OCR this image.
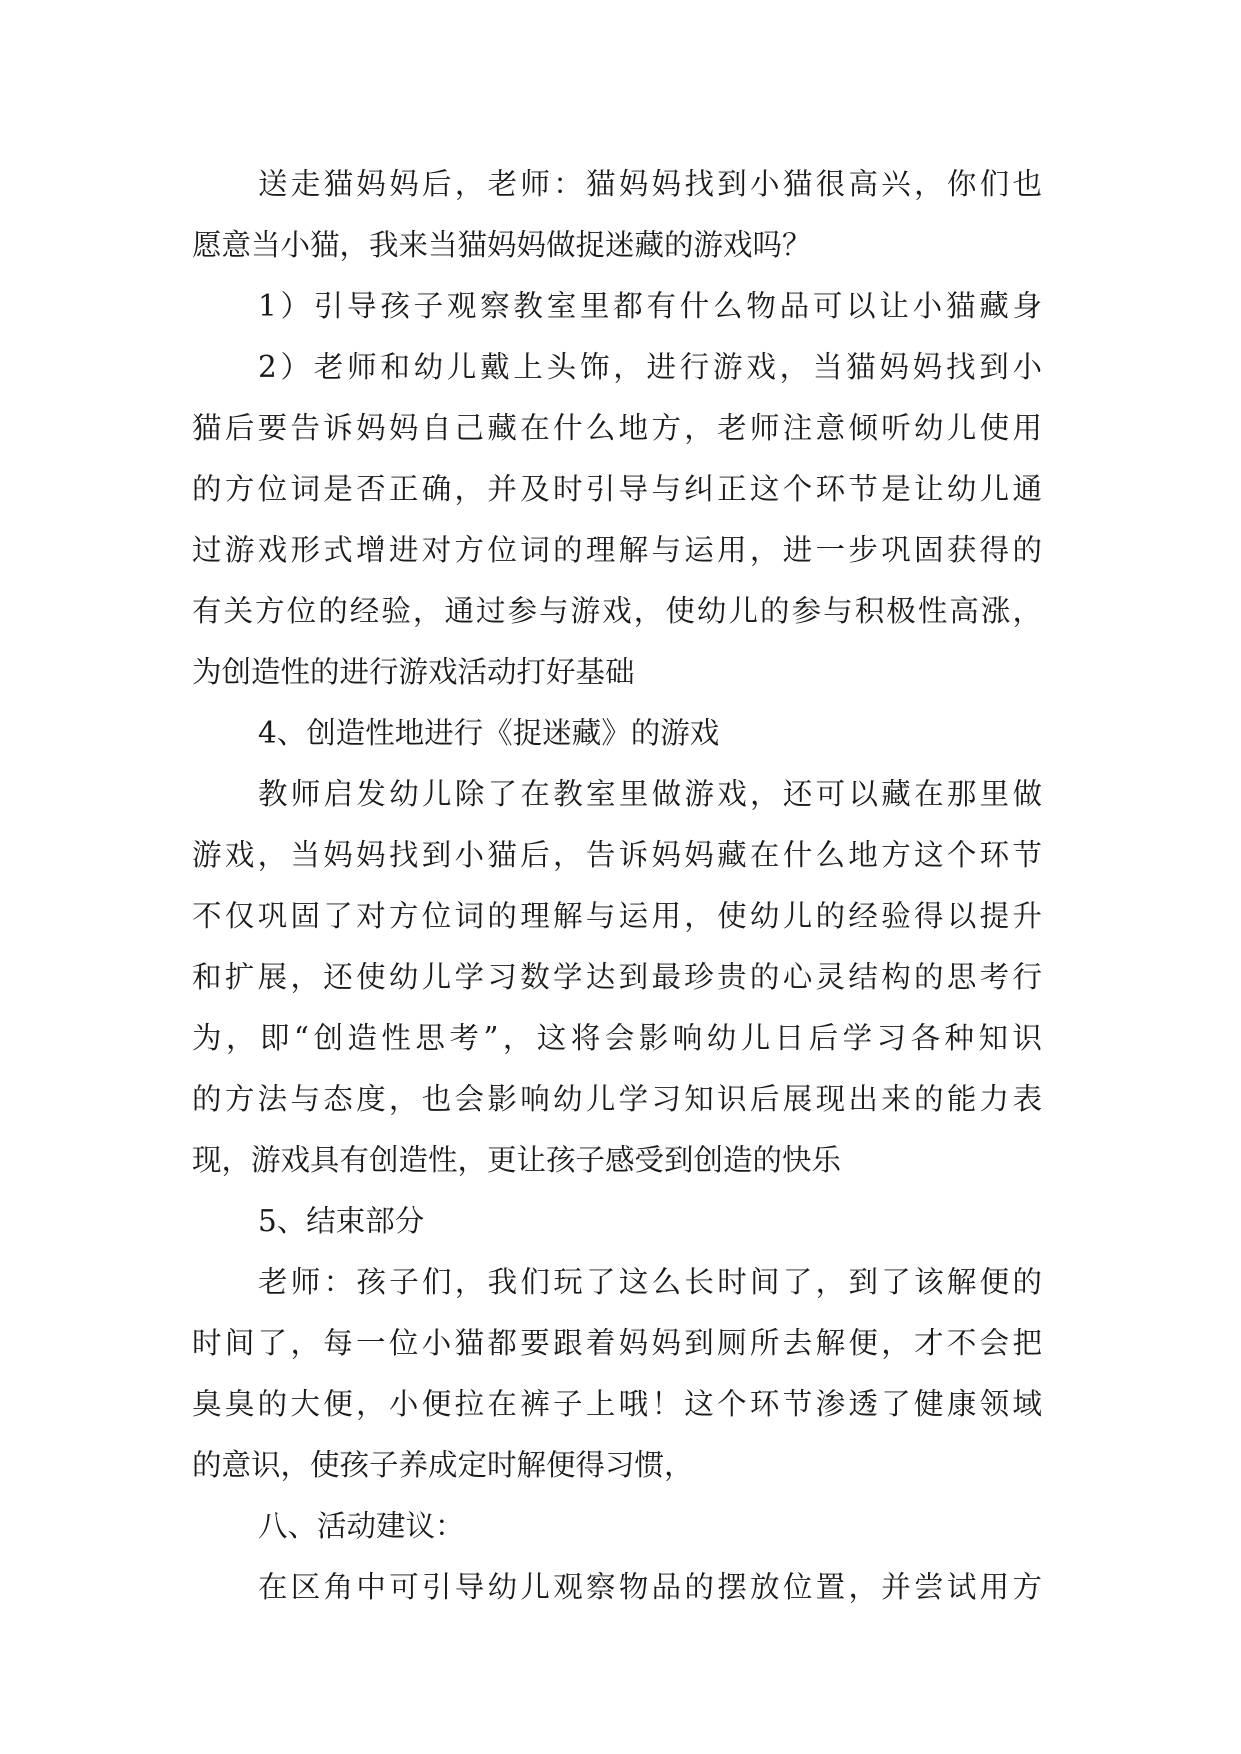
送走猫妈妈后，老师：猫妈妈找到小猫很高兴，你们也
愿意当小猫，我来当猫妈妈做捉迷藏的游戏吗？
1）引导孩子观察教室里都有什么物品可以让小猫藏身
2）老师和幼儿戴上头饰，进行游戏，当猫妈妈找到小
猫后要告诉妈妈自己藏在什么地方，老师注意倾听幼儿使用
的方位词是否正确，并及时引导与纠正这个环节是让幼儿通
过游戏形式增进对方位词的理解与运用，进一步巩固获得的
有关方位的经验，通过参与游戏，使幼儿的参与积极性高涨，
为创造性的进行游戏活动打好基础
4、创造性地进行《捉迷藏》的游戏
教师启发幼儿除了在教室里做游戏，还可以藏在那里做
游戏，当妈妈找到小猫后，告诉妈妈藏在什么地方这个环节
不仅巩固了对方位词的理解与运用，使幼儿的经验得以提升
和扩展，还使幼儿学习数学达到最珍贵的心灵结构的思考行
为，即“创造性思考”，这将会影响幼儿日后学习各种知识
的方法与态度，也会影响幼儿学习知识后展现出来的能力表
现，游戏具有创造性，更让孩子感受到创造的快乐
5、结束部分
老师：孩子们，我们玩了这么长时间了，到了该解便的
时间了，每一位小猫都要跟着妈妈到厕所去解便，才不会把
臭臭的大便，小便拉在裤子上哦！这个环节渗透了健康领域
的意识，使孩子养成定时解便得习惯，
八、活动建议：
在区角中可引导幼儿观察物品的摆放位置，并尝试用方
